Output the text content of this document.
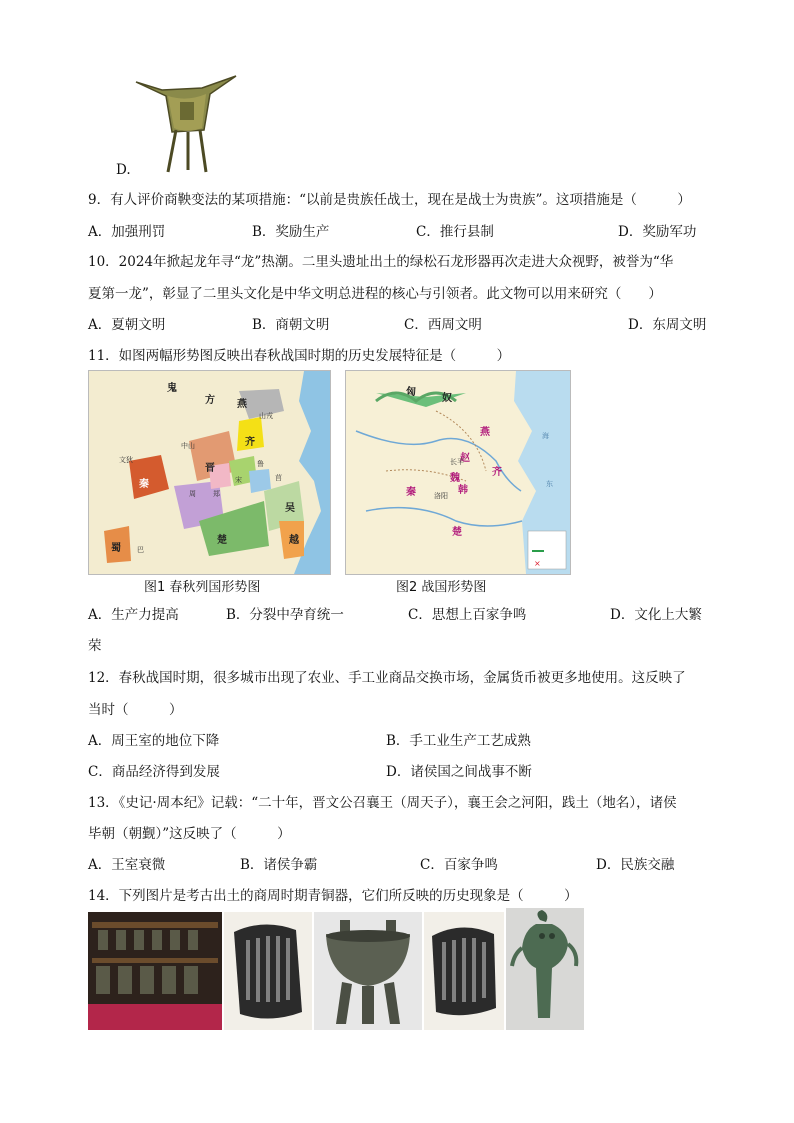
D.
9．有人评价商鞅变法的某项措施：“以前是贵族任战士，现在是战士为贵族”。这项措施是（　　　）
A．加强刑罚	B．奖励生产	C．推行县制	D．奖励军功
10．2024年掀起龙年寻“龙”热潮。二里头遗址出土的绿松石龙形器再次走进大众视野，被誉为“华
夏第一龙”，彰显了二里头文化是中华文明总进程的核心与引领者。此文物可以用来研究（　　）
A．夏朝文明	B．商朝文明	C．西周文明	D．东周文明
11．如图两幅形势图反映出春秋战国时期的历史发展特征是（　　　）
鬼
方 燕
中山	齐
晋
秦
周 郑
宋
鲁
楚
吴
越
蜀 巴
文狄
山戎
莒
×
匈
奴
燕
赵
魏
韩
齐
秦
楚
洛阳
长平
海
东
图1 春秋列国形势图	图2 战国形势图
A．生产力提高	B．分裂中孕育统一	C．思想上百家争鸣	D．文化上大繁
荣
12．春秋战国时期，很多城市出现了农业、手工业商品交换市场，金属货币被更多地使用。这反映了
当时（　　　）
A．周王室的地位下降	B．手工业生产工艺成熟
C．商品经济得到发展	D．诸侯国之间战事不断
13．《史记·周本纪》记载：“二十年，晋文公召襄王（周天子），襄王会之河阳，践土（地名），诸侯
毕朝（朝觐）”这反映了（　　　）
A．王室衰微	B．诸侯争霸	C．百家争鸣	D．民族交融
14．下列图片是考古出土的商周时期青铜器，它们所反映的历史现象是（　　　）
